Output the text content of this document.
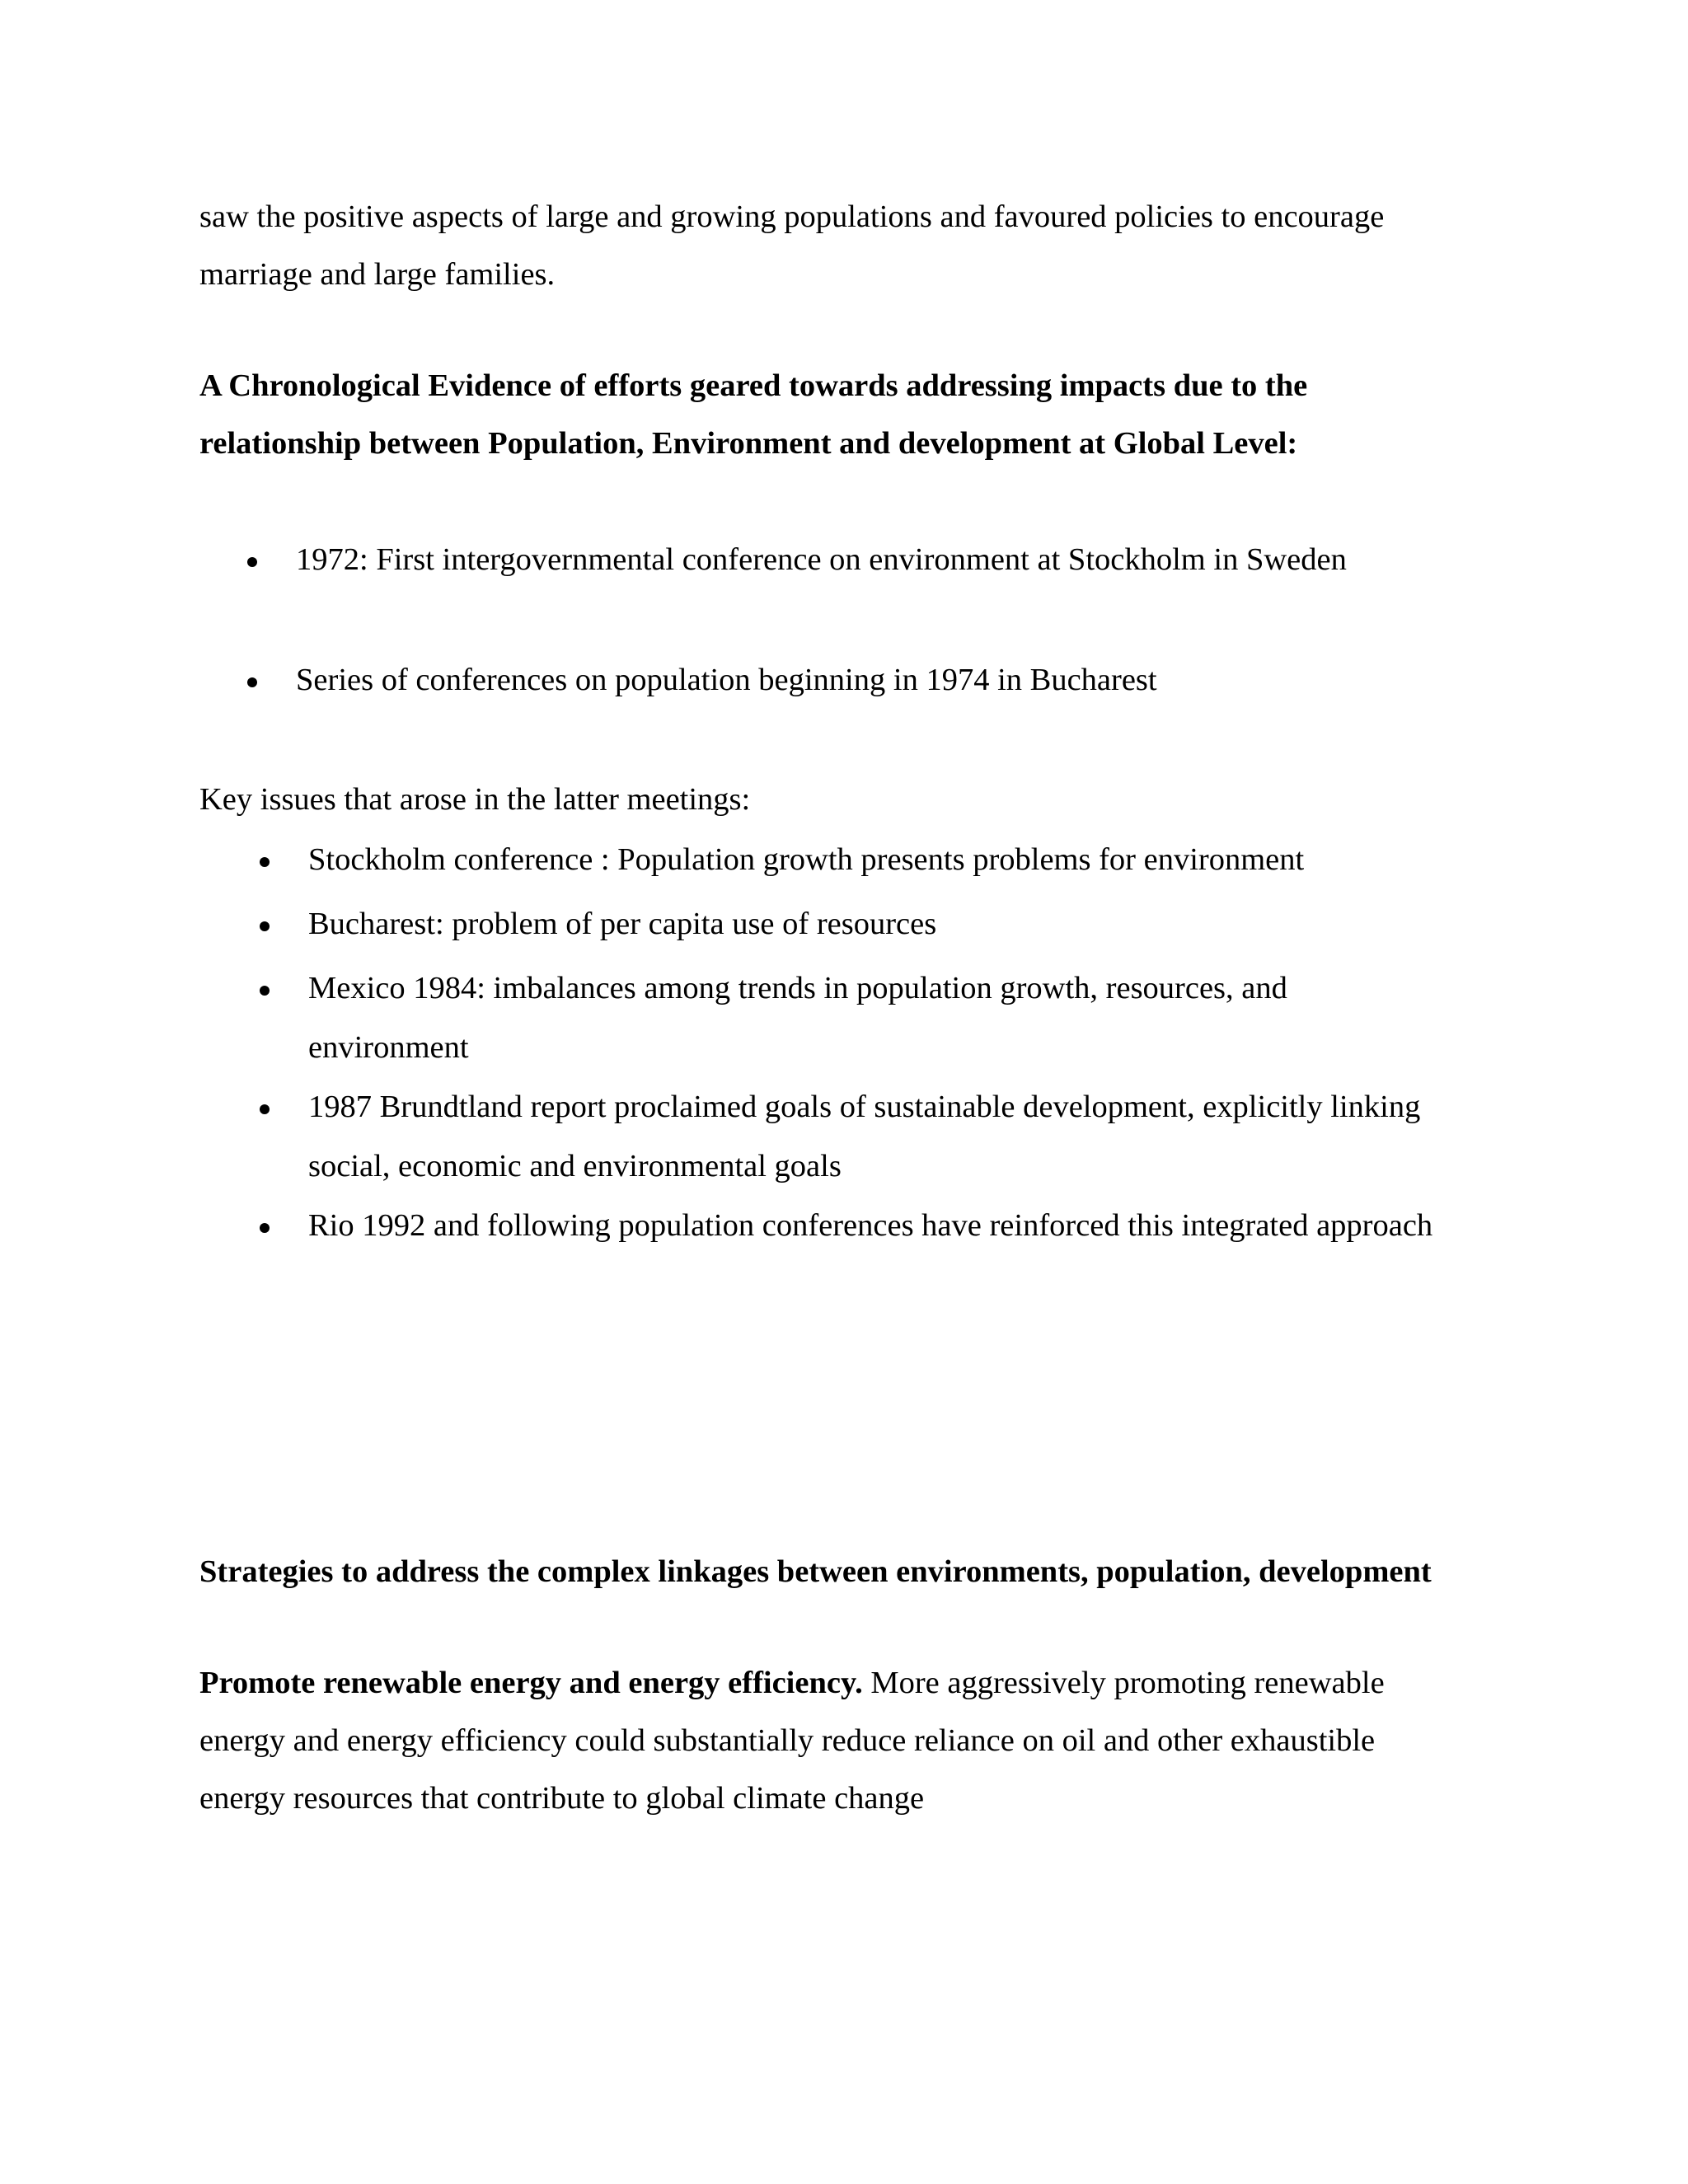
saw the positive aspects of large and growing populations and favoured policies to encourage
marriage and large families.
A Chronological Evidence of efforts geared towards addressing impacts due to the
relationship between Population, Environment and development at Global Level:
1972: First intergovernmental conference on environment at Stockholm in Sweden
Series of conferences on population beginning in 1974 in Bucharest
Key issues that arose in the latter meetings:
Stockholm conference : Population growth presents problems for environment
Bucharest: problem of per capita use of resources
Mexico 1984: imbalances among trends in population growth, resources, and
environment
1987 Brundtland report proclaimed goals of sustainable development, explicitly linking
social, economic and environmental goals
Rio 1992 and following population conferences have reinforced this integrated approach
Strategies to address the complex linkages between environments, population, development
Promote renewable energy and energy efficiency. More aggressively promoting renewable
energy and energy efficiency could substantially reduce reliance on oil and other exhaustible
energy resources that contribute to global climate change
